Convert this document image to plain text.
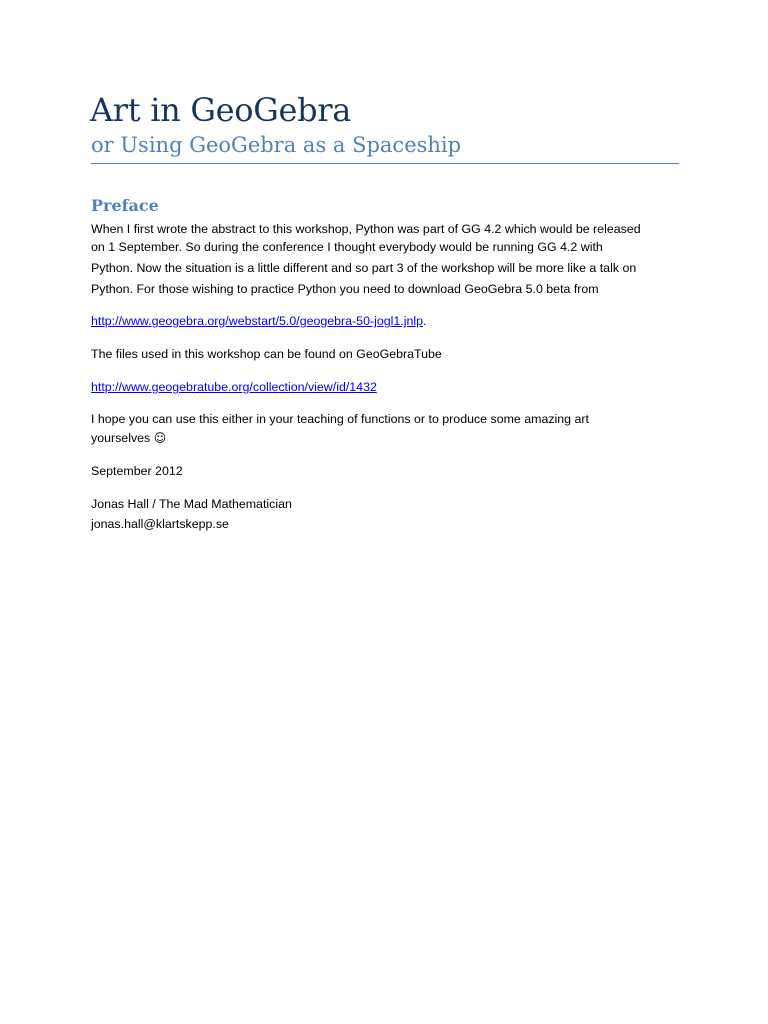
Art in GeoGebra
or Using GeoGebra as a Spaceship
Preface

When I first wrote the abstract to this workshop, Python was part of GG 4.2 which would be released

on 1 September. So during the conference I thought everybody would be running GG 4.2 with

Python. Now the situation is a little different and so part 3 of the workshop will be more like a talk on

Python. For those wishing to practice Python you need to download GeoGebra 5.0 beta from

http://www.geogebra.org/webstart/5.0/geogebra-50-jogl1.jnlp.

The files used in this workshop can be found on GeoGebraTube

http://www.geogebratube.org/collection/view/id/1432

I hope you can use this either in your teaching of functions or to produce some amazing art

yourselves ☺

September 2012

Jonas Hall / The Mad Mathematician

jonas.hall@klartskepp.se
